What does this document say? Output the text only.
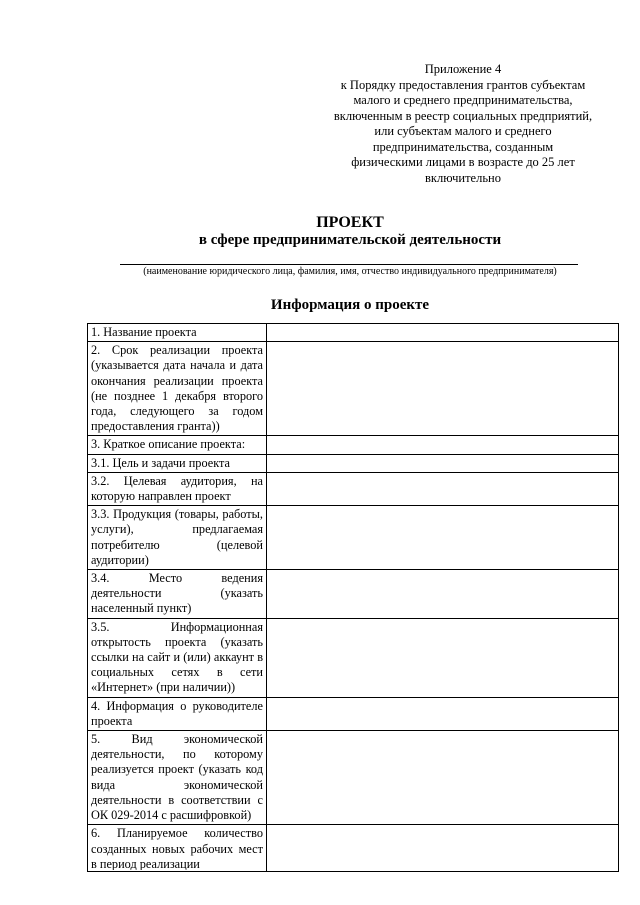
Приложение 4
к Порядку предоставления грантов субъектам
малого и среднего предпринимательства,
включенным в реестр социальных предприятий,
или субъектам малого и среднего
предпринимательства, созданным
физическими лицами в возрасте до 25 лет
включительно
ПРОЕКТ
в сфере предпринимательской деятельности
(наименование юридического лица, фамилия, имя, отчество индивидуального предпринимателя)
Информация о проекте
1. Название проекта	
2. Срок реализации проекта (указывается дата начала и дата окончания реализации проекта (не позднее 1 декабря второго года, следующего за годом предоставления гранта))	
3. Краткое описание проекта:	
3.1. Цель и задачи проекта	
3.2. Целевая аудитория, на которую направлен проект	
3.3. Продукция (товары, работы, услуги), предлагаемая потребителю (целевой аудитории)	
3.4. Место ведения деятельности (указать населенный пункт)	
3.5. Информационная открытость проекта (указать ссылки на сайт и (или) аккаунт в социальных сетях в сети «Интернет» (при наличии))	
4. Информация о руководителе проекта	
5. Вид экономической деятельности, по которому реализуется проект (указать код вида экономической деятельности в соответствии с ОК 029-2014 с расшифровкой)	

6. Планируемое количество созданных новых рабочих мест в период реализации	
